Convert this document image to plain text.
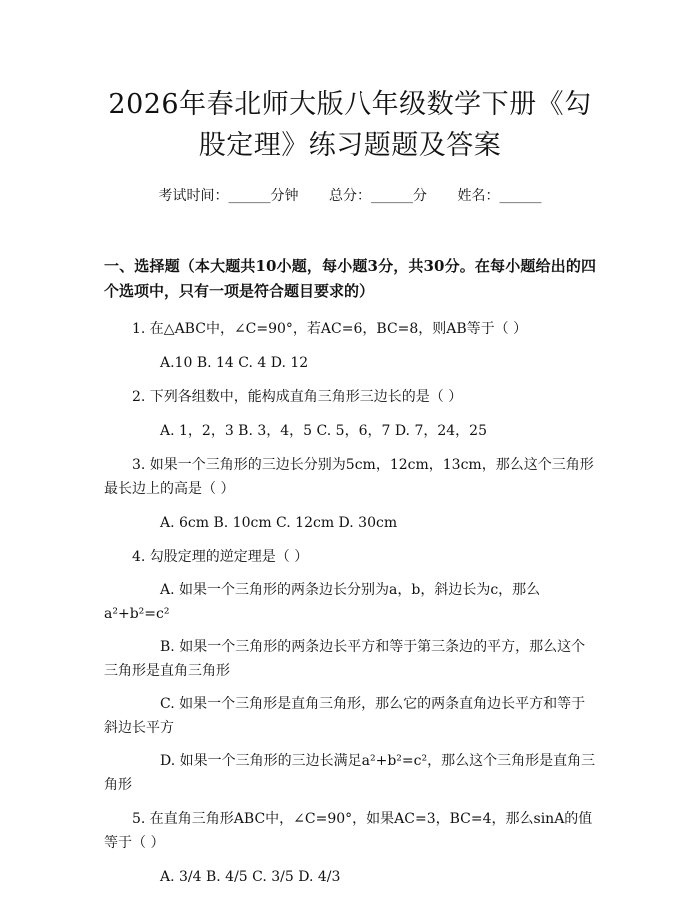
2026年春北师大版八年级数学下册《勾股定理》练习题题及答案
考试时间：______分钟 总分：______分 姓名：______
一、选择题（本大题共10小题，每小题3分，共30分。在每小题给出的四个选项中，只有一项是符合题目要求的）
1. 在△ABC中，∠C=90°，若AC=6，BC=8，则AB等于（ ）
A.10 B. 14 C. 4 D. 12
2. 下列各组数中，能构成直角三角形三边长的是（ ）
A. 1，2，3 B. 3，4，5 C. 5，6，7 D. 7，24，25
3. 如果一个三角形的三边长分别为5cm，12cm，13cm，那么这个三角形最长边上的高是（ ）
A. 6cm B. 10cm C. 12cm D. 30cm
4. 勾股定理的逆定理是（ ）
A. 如果一个三角形的两条边长分别为a，b，斜边长为c，那么a²+b²=c²
B. 如果一个三角形的两条边长平方和等于第三条边的平方，那么这个三角形是直角三角形
C. 如果一个三角形是直角三角形，那么它的两条直角边长平方和等于斜边长平方
D. 如果一个三角形的三边长满足a²+b²=c²，那么这个三角形是直角三角形
5. 在直角三角形ABC中，∠C=90°，如果AC=3，BC=4，那么sinA的值等于（ ）
A. 3/4 B. 4/5 C. 3/5 D. 4/3
